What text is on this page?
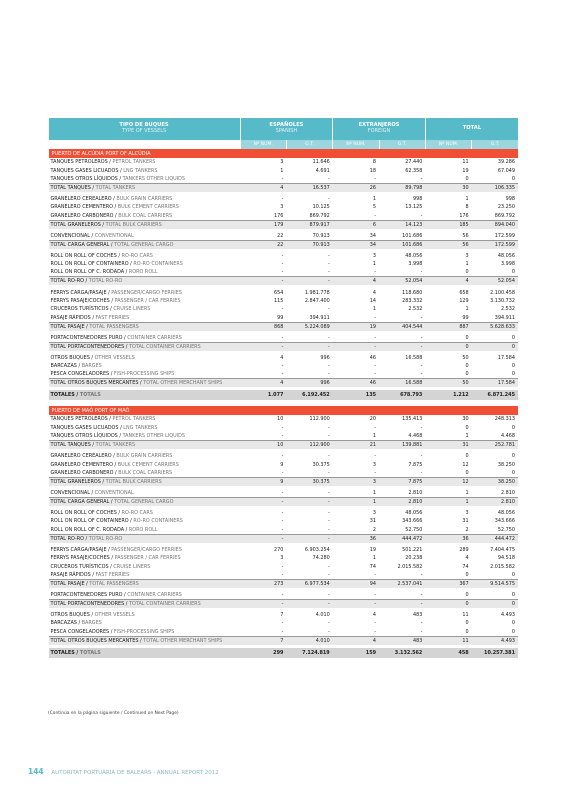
TIPO DE BUQUES
TYPE OF VESSELS	ESPAÑOLES
SPANISH		EXTRANJEROS
FOREIGN		TOTAL	
	Nº NUM.	G.T.	Nº NUM.	G.T.	Nº NUM.	G.T.
PUERTO DE ALCÚDIA PORT OF ALCÚDIA						
TANQUES PETROLEROS / PETROL TANKERS	3	11.646	8	27.440	11	39.286
TANQUES GASES LICUADOS / LNG TANKERS	1	4.691	18	62.358	19	67.049
TANQUES OTROS LÍQUIDOS / TANKERS OTHER LIQUIDS	-	-	-	-	0	0
TOTAL TANQUES / TOTAL TANKERS	4	16.537	26	89.798	30	106.335

GRANELERO CEREALERO / BULK GRAIN CARRIERS	-	-	1	998	1	998
GRANELERO CEMENTERO / BULK CEMENT CARRIERS	3	10.125	5	13.125	8	23.250
GRANELERO CARBONERO / BULK COAL CARRIERS	176	869.792	-	-	176	869.792
TOTAL GRANELEROS / TOTAL BULK CARRIERS	179	879.917	6	14.123	185	894.040

CONVENCIONAL / CONVENTIONAL	22	70.913	34	101.686	56	172.599
TOTAL CARGA GENERAL / TOTAL GENERAL CARGO	22	70.913	34	101.686	56	172.599

ROLL ON ROLL OF COCHES / RO-RO CARS	-	-	3	48.056	3	48.056
ROLL ON ROLL OF CONTAINERO / RO-RO CONTAINERS	-	-	1	3.998	1	3.998
ROLL ON ROLL OF C. RODADA / RORO ROLL	-	-	-	-	0	0
TOTAL RO-RO / TOTAL RO-RO	-	-	4	52.054	4	52.054

FERRYS CARGA/PASAJE / PASSENGER/CARGO FERRIES	654	1.981.778	4	118.680	658	2.100.458
FERRYS PASAJE/COCHES / PASSENGER / CAR FERRIES	115	2.847.400	14	283.332	129	3.130.732
CRUCEROS TURÍSTICOS / CRUISE LINERS	-	-	1	2.532	1	2.532
PASAJE RÁPIDOS / FAST FERRIES	99	394.911	-	-	99	394.911
TOTAL PASAJE / TOTAL PASSENGERS	868	5.224.089	19	404.544	887	5.628.633

PORTACONTENEDORES PURO / CONTAINER CARRIERS	-	-	-	-	0	0
TOTAL PORTACONTENEDORES / TOTAL CONTAINER CARRIERS	-	-	-	-	0	0

OTROS BUQUES / OTHER VESSELS	4	996	46	16.588	50	17.584
BARCAZAS / BARGES	-	-	-	-	0	0
PESCA CONGELADORES / FISH-PROCESSING SHIPS	-	-	-	-	0	0
TOTAL OTROS BUQUES MERCANTES / TOTAL OTHER MERCHANT SHIPS	4	996	46	16.588	50	17.584

TOTALES / TOTALS	1.077	6.192.452	135	678.793	1.212	6.871.245

PUERTO DE MAÓ PORT OF MAÓ						
TANQUES PETROLEROS / PETROL TANKERS	10	112.900	20	135.413	30	248.313
TANQUES GASES LICUADOS / LNG TANKERS	-	-	-	-	0	0
TANQUES OTROS LÍQUIDOS / TANKERS OTHER LIQUIDS	-	-	1	4.468	1	4.468
TOTAL TANQUES / TOTAL TANKERS	10	112.900	21	139.881	31	252.781

GRANELERO CEREALERO / BULK GRAIN CARRIERS	-	-	-	-	0	0
GRANELERO CEMENTERO / BULK CEMENT CARRIERS	9	30.375	3	7.875	12	38.250
GRANELERO CARBONERO / BULK COAL CARRIERS	-	-	-	-	0	0
TOTAL GRANELEROS / TOTAL BULK CARRIERS	9	30.375	3	7.875	12	38.250

CONVENCIONAL / CONVENTIONAL	-	-	1	2.810	1	2.810
TOTAL CARGA GENERAL / TOTAL GENERAL CARGO	-	-	1	2.810	1	2.810

ROLL ON ROLL OF COCHES / RO-RO CARS	-	-	3	48.056	3	48.056
ROLL ON ROLL OF CONTAINERO / RO-RO CONTAINERS	-	-	31	343.666	31	343.666
ROLL ON ROLL OF C. RODADA / RORO ROLL	-	-	2	52.750	2	52.750
TOTAL RO-RO / TOTAL RO-RO	-	-	36	444.472	36	444.472

FERRYS CARGA/PASAJE / PASSENGER/CARGO FERRIES	270	6.903.254	19	501.221	289	7.404.475
FERRYS PASAJE/COCHES / PASSENGER / CAR FERRIES	3	74.280	1	20.238	4	94.518
CRUCEROS TURÍSTICOS / CRUISE LINERS	-	-	74	2.015.582	74	2.015.582
PASAJE RÁPIDOS / FAST FERRIES	-	-	-	-	0	0
TOTAL PASAJE / TOTAL PASSENGERS	273	6.977.534	94	2.537.041	367	9.514.575

PORTACONTENEDORES PURO / CONTAINER CARRIERS	-	-	-	-	0	0
TOTAL PORTACONTENEDORES / TOTAL CONTAINER CARRIERS	-	-	-	-	0	0

OTROS BUQUES / OTHER VESSELS	7	4.010	4	483	11	4.493
BARCAZAS / BARGES	-	-	-	-	0	0
PESCA CONGELADORES / FISH-PROCESSING SHIPS	-	-	-	-	0	0
TOTAL OTROS BUQUES MERCANTES / TOTAL OTHER MERCHANT SHIPS	7	4.010	4	483	11	4.493

TOTALES / TOTALS	299	7.124.819	159	3.132.562	458	10.257.381
(Continúa en la página siguiente / Continued on Next Page)
144 AUTORITAT PORTUÀRIA DE BALEARS · ANNUAL REPORT 2012
